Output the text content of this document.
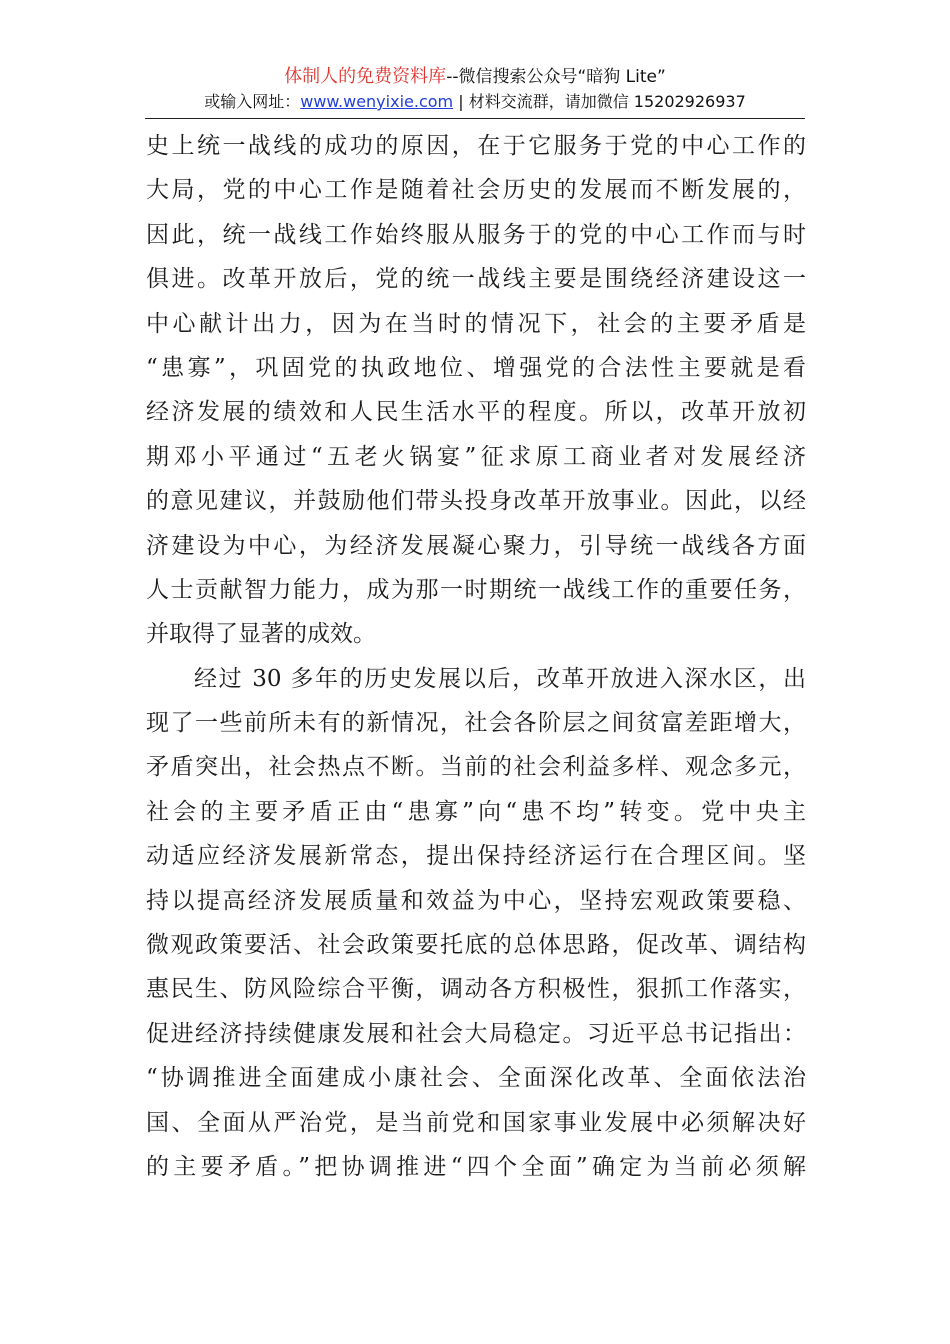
体制人的免费资料库--微信搜索公众号“暗狗 Lite”
或输入网址：www.wenyixie.com | 材料交流群，请加微信 15202926937
史上统一战线的成功的原因，在于它服务于党的中心工作的
大局，党的中心工作是随着社会历史的发展而不断发展的，
因此，统一战线工作始终服从服务于的党的中心工作而与时
俱进。改革开放后，党的统一战线主要是围绕经济建设这一
中心献计出力，因为在当时的情况下，社会的主要矛盾是
“患寡”，巩固党的执政地位、增强党的合法性主要就是看
经济发展的绩效和人民生活水平的程度。所以，改革开放初
期邓小平通过“五老火锅宴”征求原工商业者对发展经济
的意见建议，并鼓励他们带头投身改革开放事业。因此，以经
济建设为中心，为经济发展凝心聚力，引导统一战线各方面
人士贡献智力能力，成为那一时期统一战线工作的重要任务，
并取得了显著的成效。
经过 30 多年的历史发展以后，改革开放进入深水区，出
现了一些前所未有的新情况，社会各阶层之间贫富差距增大，
矛盾突出，社会热点不断。当前的社会利益多样、观念多元，
社会的主要矛盾正由“患寡”向“患不均”转变。党中央主
动适应经济发展新常态，提出保持经济运行在合理区间。坚
持以提高经济发展质量和效益为中心，坚持宏观政策要稳、
微观政策要活、社会政策要托底的总体思路，促改革、调结构
惠民生、防风险综合平衡，调动各方积极性，狠抓工作落实，
促进经济持续健康发展和社会大局稳定。习近平总书记指出：
“协调推进全面建成小康社会、全面深化改革、全面依法治
国、全面从严治党，是当前党和国家事业发展中必须解决好
的主要矛盾。”把协调推进“四个全面”确定为当前必须解
